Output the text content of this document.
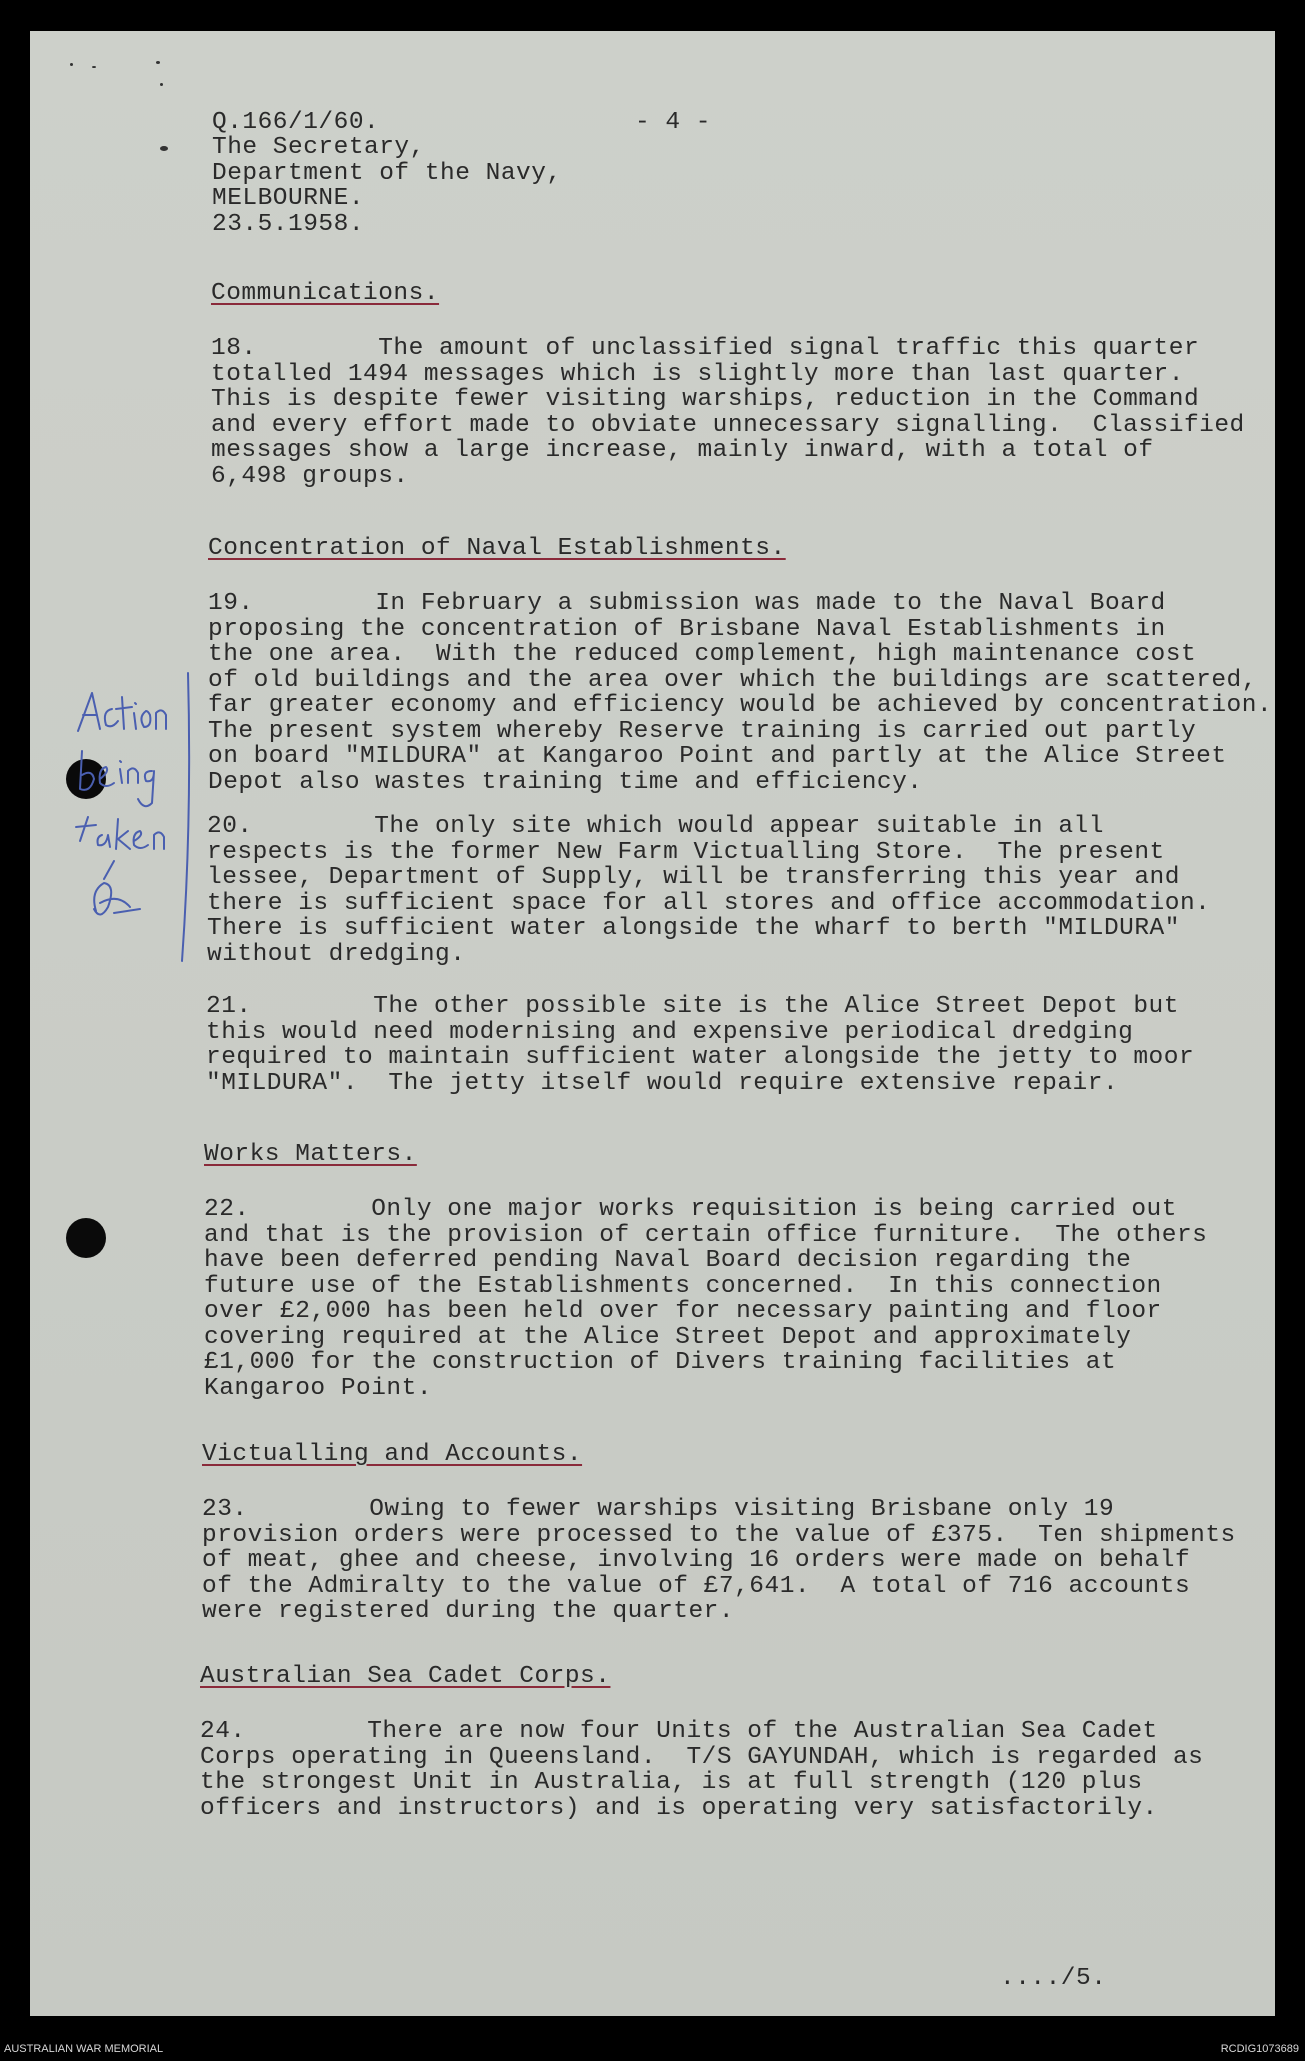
Q.166/1/60.	- 4 -
The Secretary,
Department of the Navy,
MELBOURNE.
23.5.1958.
Communications.
18.        The amount of unclassified signal traffic this quarter
totalled 1494 messages which is slightly more than last quarter.
This is despite fewer visiting warships, reduction in the Command
and every effort made to obviate unnecessary signalling.  Classified
messages show a large increase, mainly inward, with a total of
6,498 groups.
Concentration of Naval Establishments.
19.        In February a submission was made to the Naval Board
proposing the concentration of Brisbane Naval Establishments in
the one area.  With the reduced complement, high maintenance cost
of old buildings and the area over which the buildings are scattered,
far greater economy and efficiency would be achieved by concentration.
The present system whereby Reserve training is carried out partly
on board "MILDURA" at Kangaroo Point and partly at the Alice Street
Depot also wastes training time and efficiency.
20.        The only site which would appear suitable in all
respects is the former New Farm Victualling Store.  The present
lessee, Department of Supply, will be transferring this year and
there is sufficient space for all stores and office accommodation.
There is sufficient water alongside the wharf to berth "MILDURA"
without dredging.
21.        The other possible site is the Alice Street Depot but
this would need modernising and expensive periodical dredging
required to maintain sufficient water alongside the jetty to moor
"MILDURA".  The jetty itself would require extensive repair.
Works Matters.
22.        Only one major works requisition is being carried out
and that is the provision of certain office furniture.  The others
have been deferred pending Naval Board decision regarding the
future use of the Establishments concerned.  In this connection
over £2,000 has been held over for necessary painting and floor
covering required at the Alice Street Depot and approximately
£1,000 for the construction of Divers training facilities at
Kangaroo Point.
Victualling and Accounts.
23.        Owing to fewer warships visiting Brisbane only 19
provision orders were processed to the value of £375.  Ten shipments
of meat, ghee and cheese, involving 16 orders were made on behalf
of the Admiralty to the value of £7,641.  A total of 716 accounts
were registered during the quarter.
Australian Sea Cadet Corps.
24.        There are now four Units of the Australian Sea Cadet
Corps operating in Queensland.  T/S GAYUNDAH, which is regarded as
the strongest Unit in Australia, is at full strength (120 plus
officers and instructors) and is operating very satisfactorily.
..../5.
AUSTRALIAN WAR MEMORIAL	RCDIG1073689
